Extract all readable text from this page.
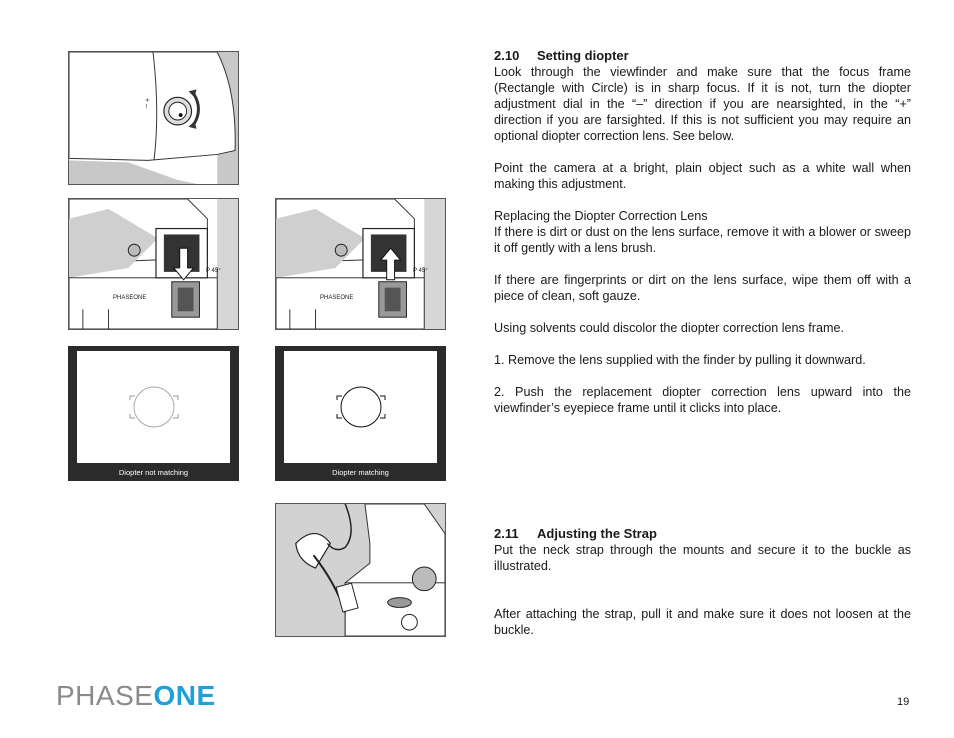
+ –
P 45⁺
PHASEONE
P 45⁺
PHASEONE
Diopter not matching	Diopter matching
2.10 Setting diopter

Look through the viewfinder and make sure that the focus frame (Rectangle with Circle) is in sharp focus. If it is not, turn the diopter adjustment dial in the “–” direction if you are nearsighted, in the “+” direction if you are farsighted. If this is not sufficient you may require an optional diopter correction lens. See below.

Point the camera at a bright, plain object such as a white wall when making this adjustment.

Replacing the Diopter Correction Lens

If there is dirt or dust on the lens surface, remove it with a blower or sweep it off gently with a lens brush.

If there are fingerprints or dirt on the lens surface, wipe them off with a piece of clean, soft gauze.

Using solvents could discolor the diopter correction lens frame.

1. Remove the lens supplied with the finder by pulling it downward.

2. Push the replacement diopter correction lens upward into the viewfinder’s eyepiece frame until it clicks into place.

2.11 Adjusting the Strap

Put the neck strap through the mounts and secure it to the buckle as illustrated.

After attaching the strap, pull it and make sure it does not loosen at the buckle.

PHASEONE	19
